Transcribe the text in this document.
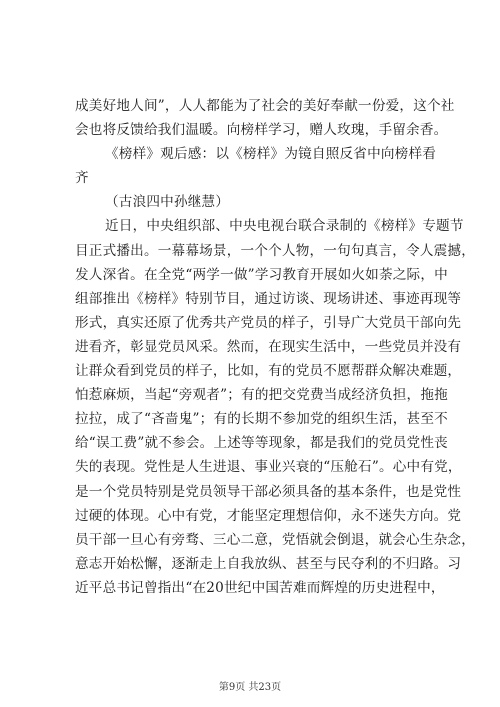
成美好地人间”，人人都能为了社会的美好奉献一份爱，这个社
会也将反馈给我们温暖。向榜样学习，赠人玫瑰，手留余香。
《榜样》观后感：以《榜样》为镜自照反省中向榜样看
齐
（古浪四中孙继慧）
近日，中央组织部、中央电视台联合录制的《榜样》专题节
目正式播出。一幕幕场景，一个个人物，一句句真言，令人震撼，
发人深省。在全党“两学一做”学习教育开展如火如荼之际，中
组部推出《榜样》特别节目，通过访谈、现场讲述、事迹再现等
形式，真实还原了优秀共产党员的样子，引导广大党员干部向先
进看齐，彰显党员风采。然而，在现实生活中，一些党员并没有
让群众看到党员的样子，比如，有的党员不愿帮群众解决难题，
怕惹麻烦，当起“旁观者”；有的把交党费当成经济负担，拖拖
拉拉，成了“吝啬鬼”；有的长期不参加党的组织生活，甚至不
给“误工费”就不参会。上述等等现象，都是我们的党员党性丧
失的表现。党性是人生进退、事业兴衰的“压舱石”。心中有党，
是一个党员特别是党员领导干部必须具备的基本条件，也是党性
过硬的体现。心中有党，才能坚定理想信仰，永不迷失方向。党
员干部一旦心有旁骛、三心二意，党悟就会倒退，就会心生杂念，
意志开始松懈，逐渐走上自我放纵、甚至与民夺利的不归路。习
近平总书记曾指出“在20世纪中国苦难而辉煌的历史进程中，
第9页 共23页
